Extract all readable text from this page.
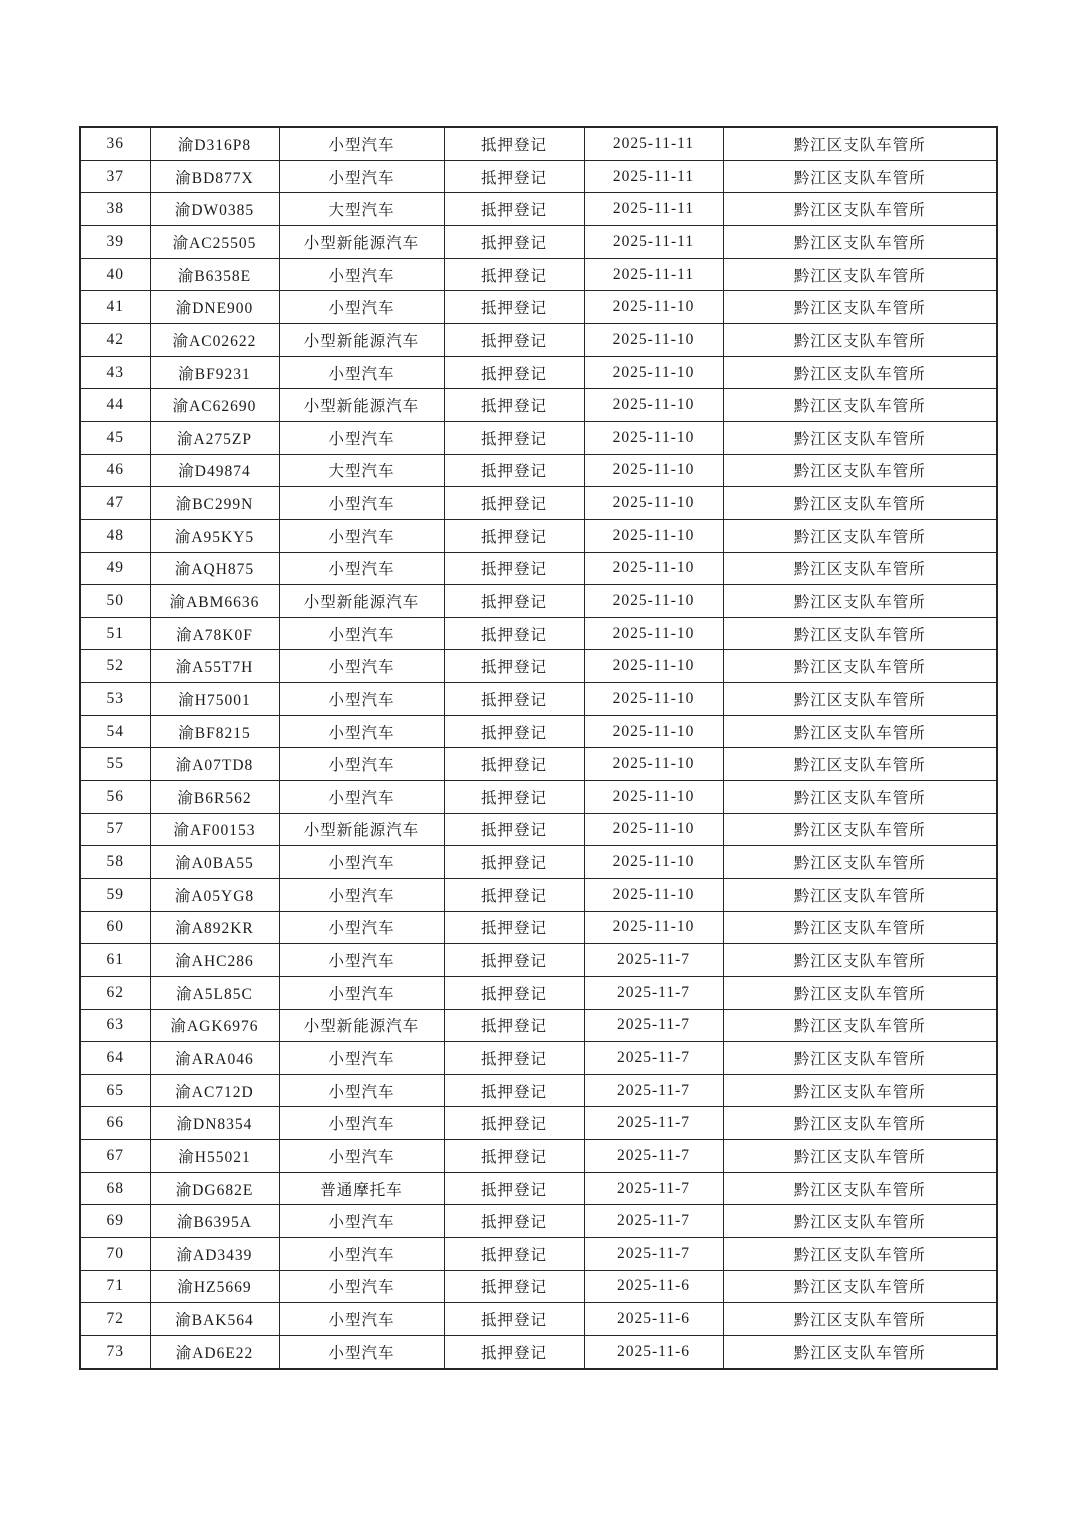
36	渝D316P8	小型汽车	抵押登记	2025-11-11	黔江区支队车管所
37	渝BD877X	小型汽车	抵押登记	2025-11-11	黔江区支队车管所
38	渝DW0385	大型汽车	抵押登记	2025-11-11	黔江区支队车管所
39	渝AC25505	小型新能源汽车	抵押登记	2025-11-11	黔江区支队车管所
40	渝B6358E	小型汽车	抵押登记	2025-11-11	黔江区支队车管所
41	渝DNE900	小型汽车	抵押登记	2025-11-10	黔江区支队车管所
42	渝AC02622	小型新能源汽车	抵押登记	2025-11-10	黔江区支队车管所
43	渝BF9231	小型汽车	抵押登记	2025-11-10	黔江区支队车管所
44	渝AC62690	小型新能源汽车	抵押登记	2025-11-10	黔江区支队车管所
45	渝A275ZP	小型汽车	抵押登记	2025-11-10	黔江区支队车管所
46	渝D49874	大型汽车	抵押登记	2025-11-10	黔江区支队车管所
47	渝BC299N	小型汽车	抵押登记	2025-11-10	黔江区支队车管所
48	渝A95KY5	小型汽车	抵押登记	2025-11-10	黔江区支队车管所
49	渝AQH875	小型汽车	抵押登记	2025-11-10	黔江区支队车管所
50	渝ABM6636	小型新能源汽车	抵押登记	2025-11-10	黔江区支队车管所
51	渝A78K0F	小型汽车	抵押登记	2025-11-10	黔江区支队车管所
52	渝A55T7H	小型汽车	抵押登记	2025-11-10	黔江区支队车管所
53	渝H75001	小型汽车	抵押登记	2025-11-10	黔江区支队车管所
54	渝BF8215	小型汽车	抵押登记	2025-11-10	黔江区支队车管所
55	渝A07TD8	小型汽车	抵押登记	2025-11-10	黔江区支队车管所
56	渝B6R562	小型汽车	抵押登记	2025-11-10	黔江区支队车管所
57	渝AF00153	小型新能源汽车	抵押登记	2025-11-10	黔江区支队车管所
58	渝A0BA55	小型汽车	抵押登记	2025-11-10	黔江区支队车管所
59	渝A05YG8	小型汽车	抵押登记	2025-11-10	黔江区支队车管所
60	渝A892KR	小型汽车	抵押登记	2025-11-10	黔江区支队车管所
61	渝AHC286	小型汽车	抵押登记	2025-11-7	黔江区支队车管所
62	渝A5L85C	小型汽车	抵押登记	2025-11-7	黔江区支队车管所
63	渝AGK6976	小型新能源汽车	抵押登记	2025-11-7	黔江区支队车管所
64	渝ARA046	小型汽车	抵押登记	2025-11-7	黔江区支队车管所
65	渝AC712D	小型汽车	抵押登记	2025-11-7	黔江区支队车管所
66	渝DN8354	小型汽车	抵押登记	2025-11-7	黔江区支队车管所
67	渝H55021	小型汽车	抵押登记	2025-11-7	黔江区支队车管所
68	渝DG682E	普通摩托车	抵押登记	2025-11-7	黔江区支队车管所
69	渝B6395A	小型汽车	抵押登记	2025-11-7	黔江区支队车管所
70	渝AD3439	小型汽车	抵押登记	2025-11-7	黔江区支队车管所
71	渝HZ5669	小型汽车	抵押登记	2025-11-6	黔江区支队车管所
72	渝BAK564	小型汽车	抵押登记	2025-11-6	黔江区支队车管所
73	渝AD6E22	小型汽车	抵押登记	2025-11-6	黔江区支队车管所
